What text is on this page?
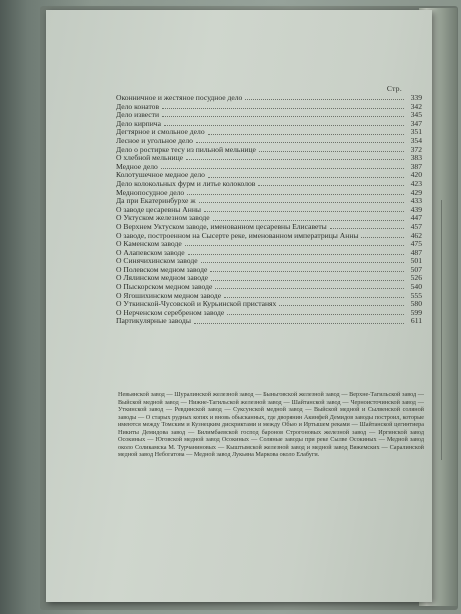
Стр.
Оконничное и жестяное посудное дело	339
Дело конатов	342
Дело извести	345
Дело кирпича	347
Дегтярное и смольное дело	351
Лесное и угольное дело	354
Дело о ростирке тесу из пильной мельнице	372
О хлебной мельнице	383
Медное дело	387
Колотушечное медное дело	420
Дело колокольных фурм и литье колоколов	423
Меднопосудное дело	429
Да при Екатеринбурхе ж	433
О заводе цесаревны Анны	439
О Уктуском железном заводе	447
О Верхнем Уктуском заводе, именованном цесаревны Елисаветы	457
О заводе, построенном на Сысерте реке, именованном императрицы Анны	462
О Каменском заводе	475
О Алапевском заводе	487
О Синячихинском заводе	501
О Полевском медном заводе	507
О Лялинском медном заводе	526
О Пыскорском медном заводе	540
О Ягошихинском медном заводе	555
О Уткинской-Чусовской и Курьинской пристанях	580
О Нерченском серебреном заводе	599
Партикулярные заводы	611

Невьянской завод — Шуралинской железной завод — Быньговской железной завод — Верхне-Тагильской завод — Выйской медной завод — Нижне-Тагильской железной завод — Шайтанской завод — Черноисточинской завод — Уткинской завод — Ревдинской завод — Суксунской медной завод — Выйской медной и Сылвенской соляной заводы — О старых рудных копях и вновь обысканных, где дворянин Акинфей Демидов заводы построил, которые имеются между Томским и Кузнецким дискриктами и между Обью и Иртышем реками — Шайтанской цегинтиера Никиты Демидова завод — Билимбаевской господ баронов Строгоновых железной завод — Иргинской завод Осокиных — Юговской медной завод Осокиных — Соляные заводы при реке Сылве Осокиных — Медной завод около Соликамска М. Турчаниновых — Кыштымской железной завод и медной завод Вяжемских — Саралинской медной завод Небогатова — Медной завод Лукьяна Маркова около Елабуги.
